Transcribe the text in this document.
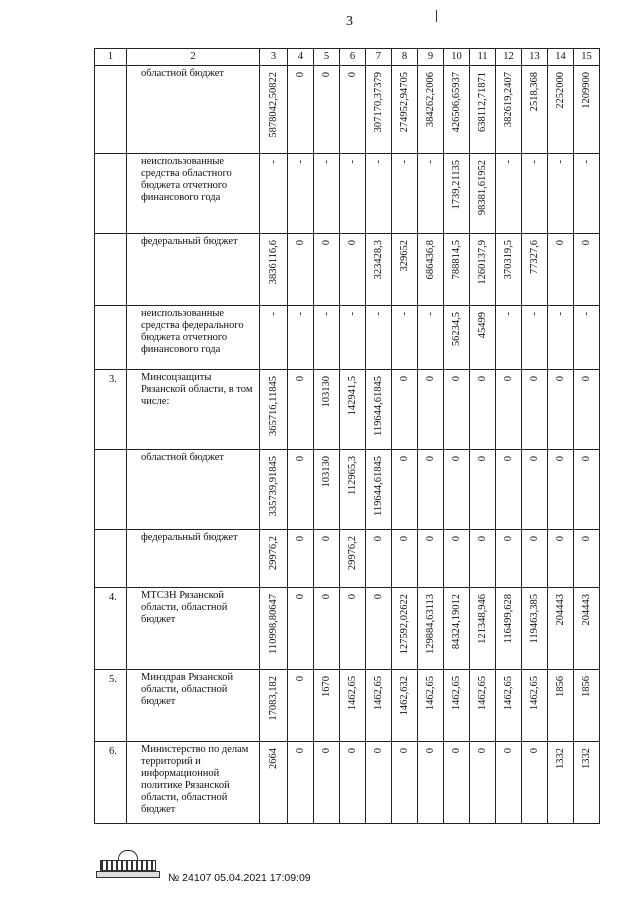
3
1	2	3	4	5	6	7	8	9	10	11	12	13	14	15
	областной бюджет	5878042,50822	0	0	0	307170,37379	274952,94705	384262,2006	426506,65937	638112,71871	382619,2407	2518,368	2252000	1209900

	неиспользованные средства областного бюджета отчетного финансового года	-	-	-	-	-	-	-	1739,21135	98381,61952	-	-	-	-

	федеральный бюджет	3836116,6	0	0	0	323428,3	329652	686436,8	788814,5	1260137,9	370319,5	77327,6	0	0

	неиспользованные средства федерального бюджета отчетного финансового года	-	-	-	-	-	-	-	56234,5	45499	-	-	-	-

3.	Минсоцзащиты Рязанской области, в том числе:	365716,11845	0	103130	142941,5	119644,61845	0	0	0	0	0	0	0	0

	областной бюджет	335739,91845	0	103130	112965,3	119644,61845	0	0	0	0	0	0	0	0

	федеральный бюджет	29976,2	0	0	29976,2	0	0	0	0	0	0	0	0	0

4.	МТСЗН Рязанской области, областной бюджет	110998,80647	0	0	0	0	127592,02622	129884,63113	84324,19012	121348,946	116499,628	119463,385	204443	204443

5.	Минздрав Рязанской области, областной бюджет	17083,182	0	1670	1462,65	1462,65	1462,632	1462,65	1462,65	1462,65	1462,65	1462,65	1856	1856

6.	Министерство по делам территорий и информационной политике Рязанской области, областной бюджет	2664	0	0	0	0	0	0	0	0	0	0	1332	1332
№ 24107 05.04.2021 17:09:09
